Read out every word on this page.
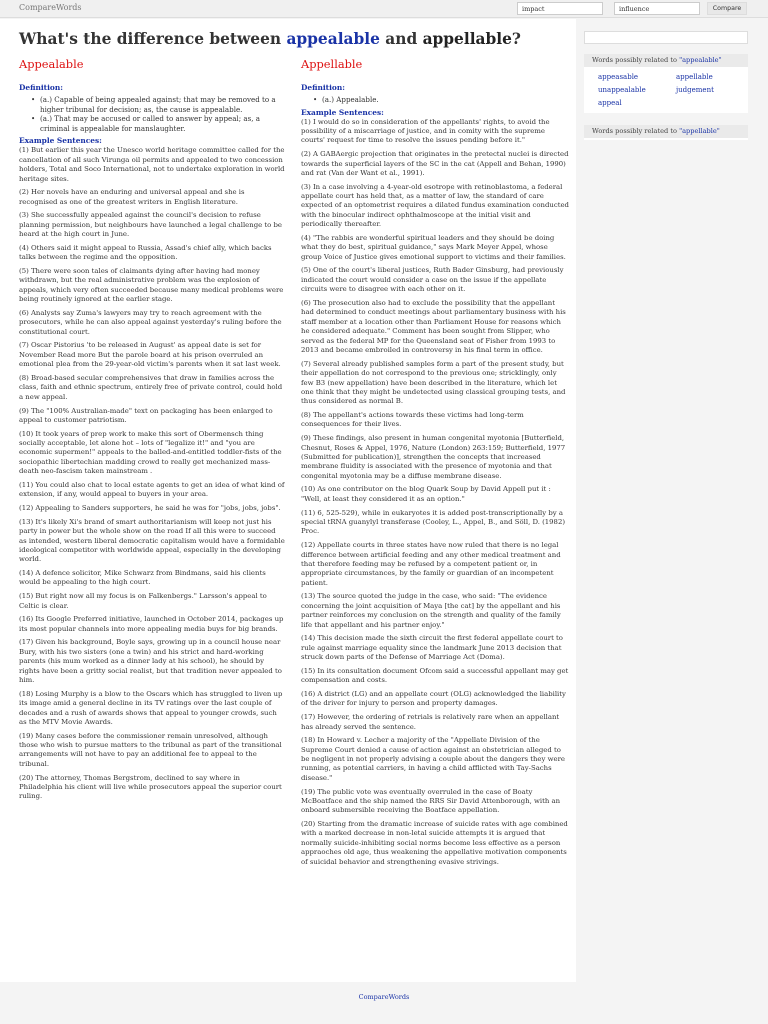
CompareWords
impact
influence	Compare
What's the difference between appealable and appellable?
Appealable
Definition:
• (a.) Capable of being appealed against; that may be removed to a higher tribunal for decision; as, the cause is appealable.
• (a.) That may be accused or called to answer by appeal; as, a criminal is appealable for manslaughter.
Example Sentences:

(1) But earlier this year the Unesco world heritage committee called for the cancellation of all such Virunga oil permits and appealed to two concession holders, Total and Soco International, not to undertake exploration in world heritage sites.

(2) Her novels have an enduring and universal appeal and she is recognised as one of the greatest writers in English literature.

(3) She successfully appealed against the council's decision to refuse planning permission, but neighbours have launched a legal challenge to be heard at the high court in June.

(4) Others said it might appeal to Russia, Assad's chief ally, which backs talks between the regime and the opposition.

(5) There were soon tales of claimants dying after having had money withdrawn, but the real administrative problem was the explosion of appeals, which very often succeeded because many medical problems were being routinely ignored at the earlier stage.

(6) Analysts say Zuma's lawyers may try to reach agreement with the prosecutors, while he can also appeal against yesterday's ruling before the constitutional court.

(7) Oscar Pistorius 'to be released in August' as appeal date is set for November Read more But the parole board at his prison overruled an emotional plea from the 29-year-old victim's parents when it sat last week.

(8) Broad-based secular comprehensives that draw in families across the class, faith and ethnic spectrum, entirely free of private control, could hold a new appeal.

(9) The "100% Australian-made" text on packaging has been enlarged to appeal to customer patriotism.

(10) It took years of prep work to make this sort of Obermensch thing socially acceptable, let alone hot – lots of "legalize it!" and "you are economic supermen!" appeals to the balled-and-entitled toddler-fists of the sociopathic libertechian madding crowd to really get mechanized mass-death neo-fascism taken mainstream .

(11) You could also chat to local estate agents to get an idea of what kind of extension, if any, would appeal to buyers in your area.

(12) Appealing to Sanders supporters, he said he was for "jobs, jobs, jobs".

(13) It's likely Xi's brand of smart authoritarianism will keep not just his party in power but the whole show on the road If all this were to succeed as intended, western liberal democratic capitalism would have a formidable ideological competitor with worldwide appeal, especially in the developing world.

(14) A defence solicitor, Mike Schwarz from Bindmans, said his clients would be appealing to the high court.

(15) But right now all my focus is on Falkenbergs." Larsson's appeal to Celtic is clear.

(16) Its Google Preferred initiative, launched in October 2014, packages up its most popular channels into more appealing media buys for big brands.

(17) Given his background, Boyle says, growing up in a council house near Bury, with his two sisters (one a twin) and his strict and hard-working parents (his mum worked as a dinner lady at his school), he should by rights have been a gritty social realist, but that tradition never appealed to him.

(18) Losing Murphy is a blow to the Oscars which has struggled to liven up its image amid a general decline in its TV ratings over the last couple of decades and a rush of awards shows that appeal to younger crowds, such as the MTV Movie Awards.

(19) Many cases before the commissioner remain unresolved, although those who wish to pursue matters to the tribunal as part of the transitional arrangements will not have to pay an additional fee to appeal to the tribunal.

(20) The attorney, Thomas Bergstrom, declined to say where in Philadelphia his client will live while prosecutors appeal the superior court ruling.

Appellable
Definition:
• (a.) Appealable.
Example Sentences:

(1) I would do so in consideration of the appellants' rights, to avoid the possibility of a miscarriage of justice, and in comity with the supreme courts' request for time to resolve the issues pending before it."

(2) A GABAergic projection that originates in the pretectal nuclei is directed towards the superficial layers of the SC in the cat (Appell and Behan, 1990) and rat (Van der Want et al., 1991).

(3) In a case involving a 4-year-old esotrope with retinoblastoma, a federal appellate court has held that, as a matter of law, the standard of care expected of an optometrist requires a dilated fundus examination conducted with the binocular indirect ophthalmoscope at the initial visit and periodically thereafter.

(4) "The rabbis are wonderful spiritual leaders and they should be doing what they do best, spiritual guidance," says Mark Meyer Appel, whose group Voice of Justice gives emotional support to victims and their families.

(5) One of the court's liberal justices, Ruth Bader Ginsburg, had previously indicated the court would consider a case on the issue if the appellate circuits were to disagree with each other on it.

(6) The prosecution also had to exclude the possibility that the appellant had determined to conduct meetings about parliamentary business with his staff member at a location other than Parliament House for reasons which he considered adequate." Comment has been sought from Slipper, who served as the federal MP for the Queensland seat of Fisher from 1993 to 2013 and became embroiled in controversy in his final term in office.

(7) Several already published samples form a part of the present study, but their appellation do not correspond to the previous one; stricklingly, only few B3 (new appellation) have been described in the literature, which let one think that they might be undetected using classical grouping tests, and thus considered as normal B.

(8) The appellant's actions towards these victims had long-term consequences for their lives.

(9) These findings, also present in human congenital myotonia [Butterfield, Chesnut, Roses & Appel, 1976, Nature (London) 263:159; Butterfield, 1977 (Submitted for publication)], strengthen the concepts that increased membrane fluidity is associated with the presence of myotonia and that congenital myotonia may be a diffuse membrane disease.

(10) As one contributor on the blog Quark Soup by David Appell put it : "Well, at least they considered it as an option."

(11) 6, 525-529), while in eukaryotes it is added post-transcriptionally by a special tRNA guanylyl transferase (Cooley, L., Appel, B., and Söll, D. (1982) Proc.

(12) Appellate courts in three states have now ruled that there is no legal difference between artificial feeding and any other medical treatment and that therefore feeding may be refused by a competent patient or, in appropriate circumstances, by the family or guardian of an incompetent patient.

(13) The source quoted the judge in the case, who said: "The evidence concerning the joint acquisition of Maya [the cat] by the appellant and his partner reinforces my conclusion on the strength and quality of the family life that appellant and his partner enjoy."

(14) This decision made the sixth circuit the first federal appellate court to rule against marriage equality since the landmark June 2013 decision that struck down parts of the Defense of Marriage Act (Doma).

(15) In its consultation document Ofcom said a successful appellant may get compensation and costs.

(16) A district (LG) and an appellate court (OLG) acknowledged the liability of the driver for injury to person and property damages.

(17) However, the ordering of retrials is relatively rare when an appellant has already served the sentence.

(18) In Howard v. Lecher a majority of the "Appellate Division of the Supreme Court denied a cause of action against an obstetrician alleged to be negligent in not properly advising a couple about the dangers they were running, as potential carriers, in having a child afflicted with Tay-Sachs disease."

(19) The public vote was eventually overruled in the case of Boaty McBoatface and the ship named the RRS Sir David Attenborough, with an onboard submersible receiving the Boatface appellation.

(20) Starting from the dramatic increase of suicide rates with age combined with a marked decrease in non-letal suicide attempts it is argued that normally suicide-inhibiting social norms become less effective as a person appraoches old age, thus weakening the appellative motivation components of suicidal behavior and strengthening evasive strivings.

Words possibly related to "appealable"
appeasable	appellable
unappealable	judgement
appeal
Words possibly related to "appellable"
CompareWords
